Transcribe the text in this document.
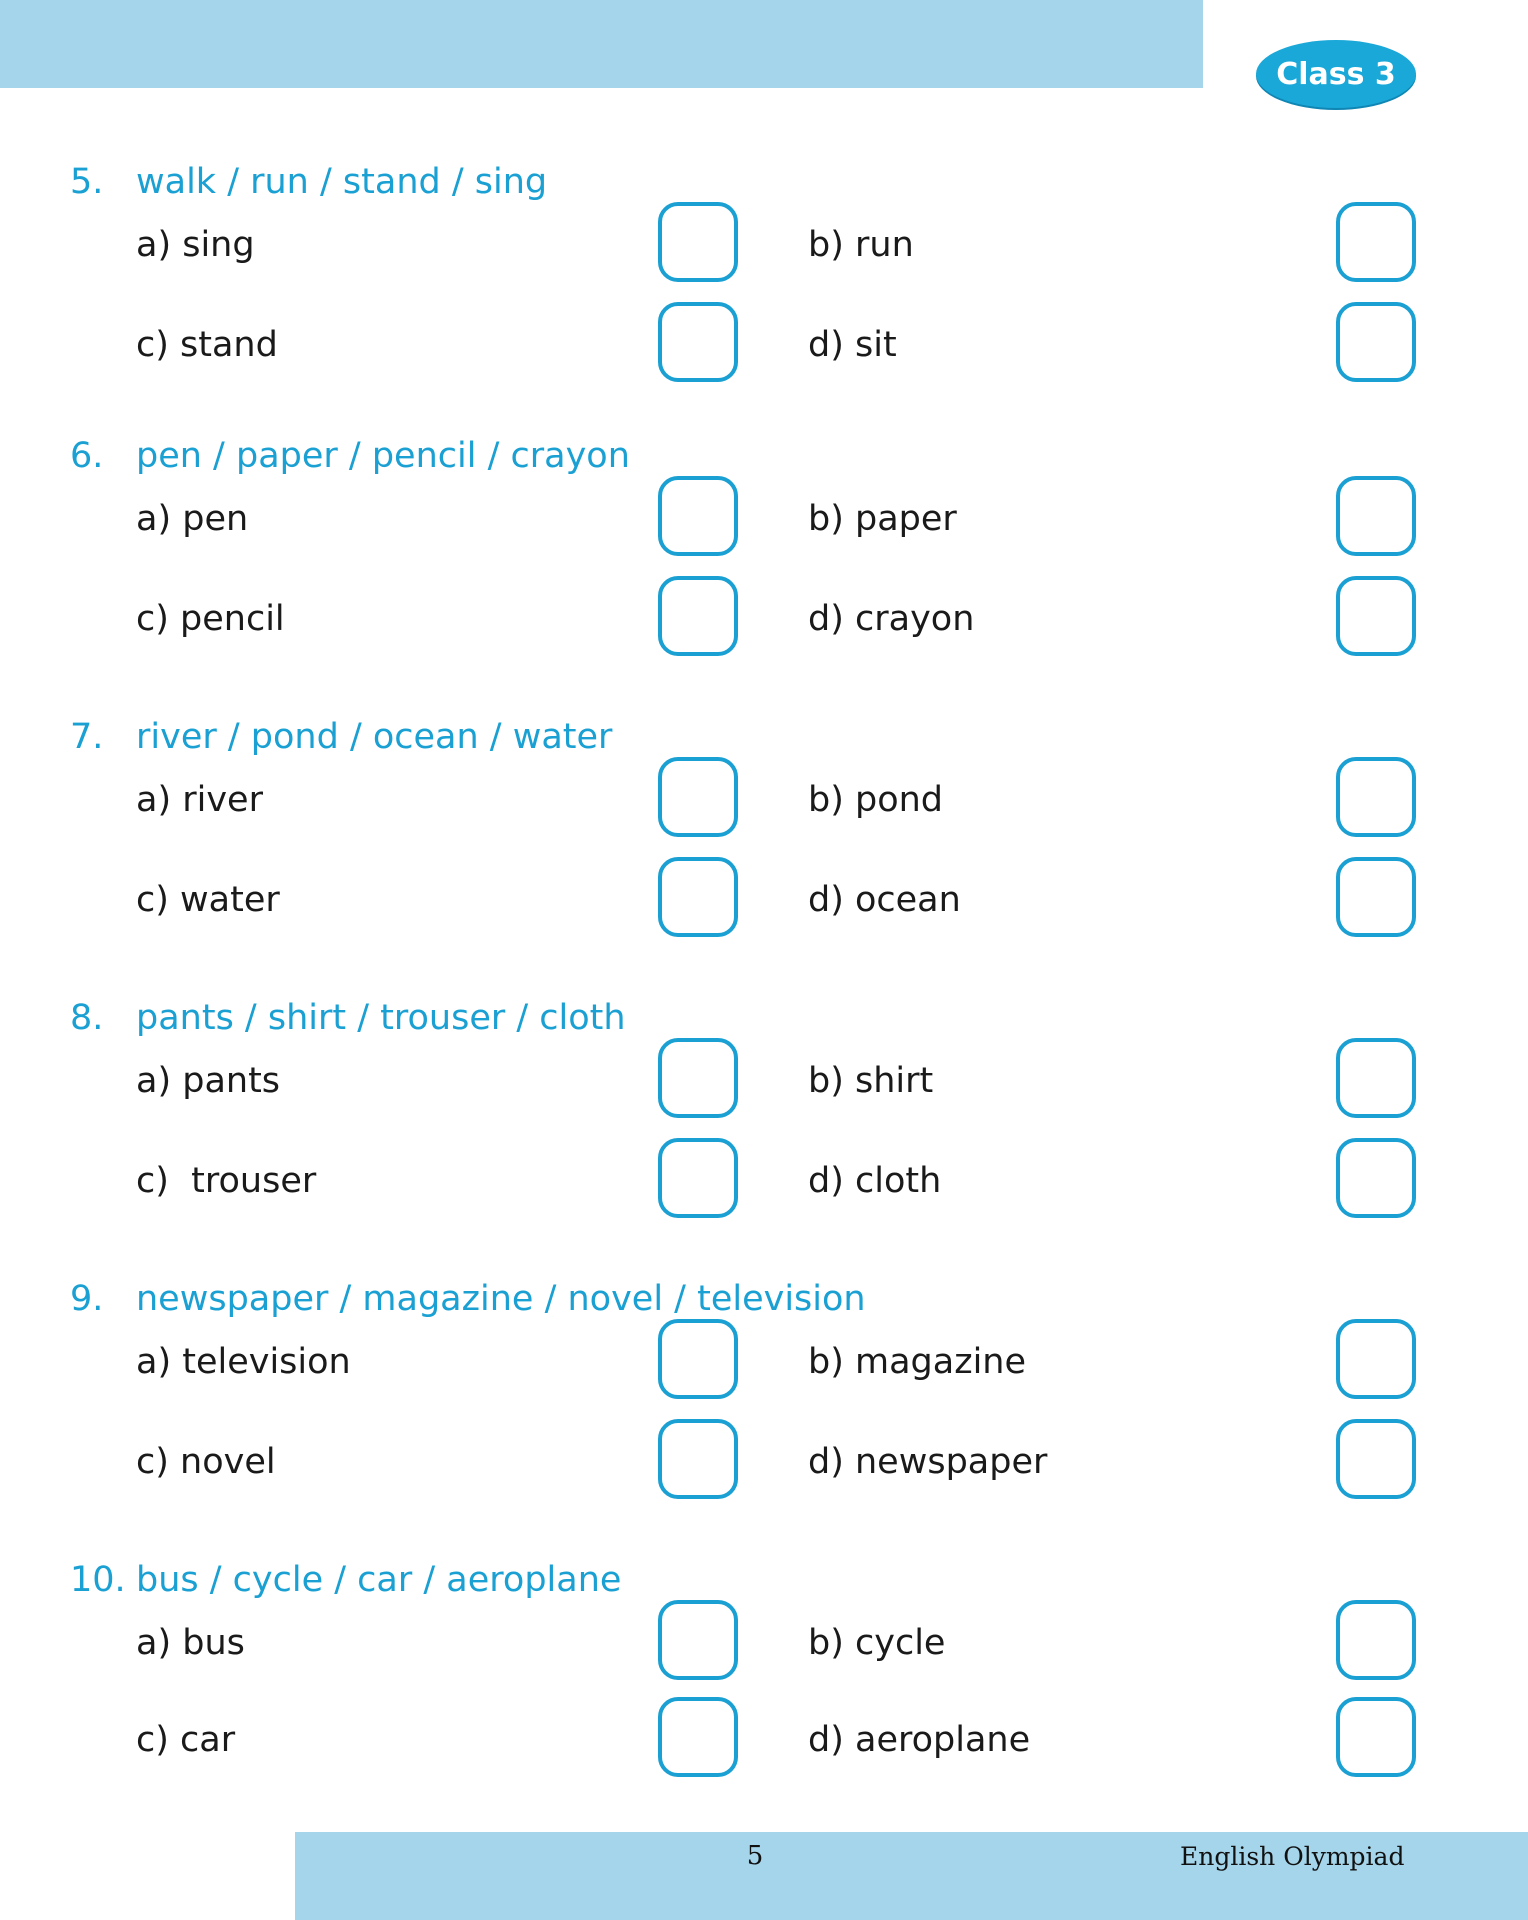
Class 3
5. walk / run / stand / sing
a) sing	b) run
c) stand	d) sit
6. pen / paper / pencil / crayon
a) pen	b) paper
c) pencil	d) crayon
7. river / pond / ocean / water
a) river	b) pond
c) water	d) ocean
8. pants / shirt / trouser / cloth
a) pants	b) shirt
c)  trouser	d) cloth
9. newspaper / magazine / novel / television
a) television	b) magazine
c) novel	d) newspaper
10. bus / cycle / car / aeroplane
a) bus	b) cycle
c) car	d) aeroplane
5	English Olympiad
